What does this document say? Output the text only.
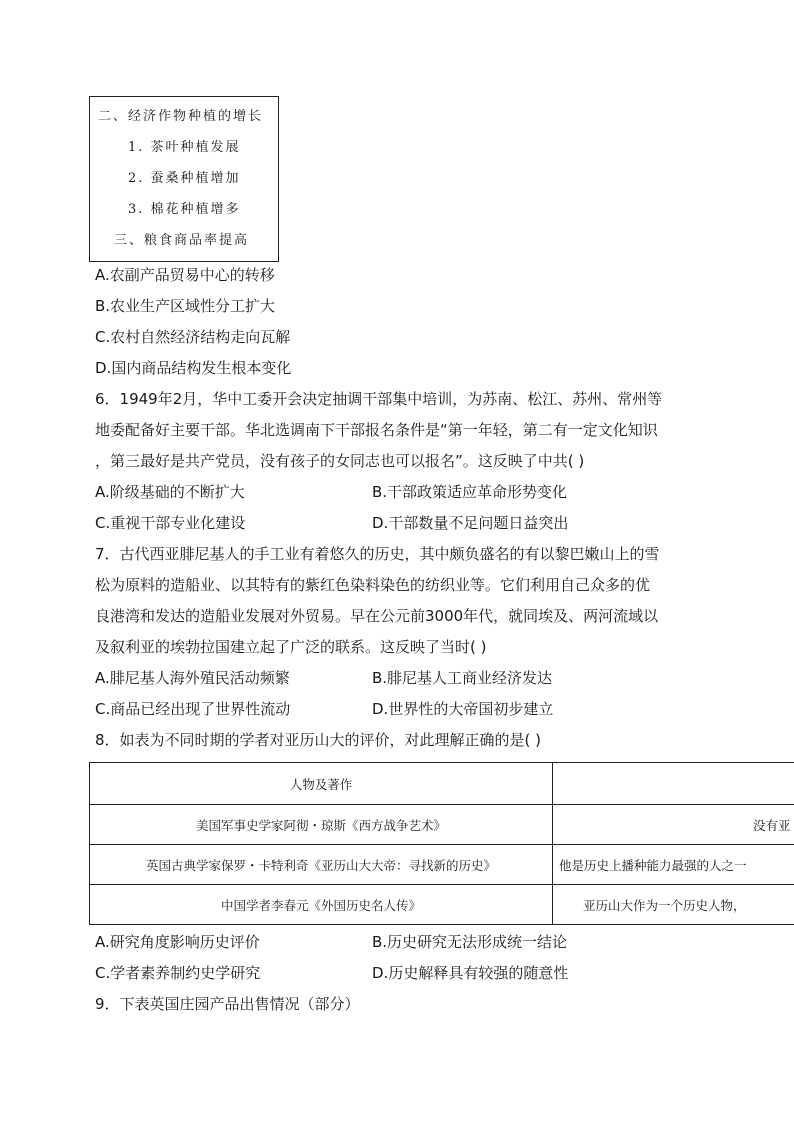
二、经济作物种植的增长
1. 茶叶种植发展
2. 蚕桑种植增加
3. 棉花种植增多
三、粮食商品率提高
A.农副产品贸易中心的转移
B.农业生产区域性分工扩大
C.农村自然经济结构走向瓦解
D.国内商品结构发生根本变化
6．1949年2月，华中工委开会决定抽调干部集中培训，为苏南、松江、苏州、常州等
地委配备好主要干部。华北选调南下干部报名条件是“第一年轻，第二有一定文化知识
，第三最好是共产党员，没有孩子的女同志也可以报名”。这反映了中共( )
A.阶级基础的不断扩大	B.干部政策适应革命形势变化
C.重视干部专业化建设	D.干部数量不足问题日益突出
7．古代西亚腓尼基人的手工业有着悠久的历史，其中颇负盛名的有以黎巴嫩山上的雪
松为原料的造船业、以其特有的紫红色染料染色的纺织业等。它们利用自己众多的优
良港湾和发达的造船业发展对外贸易。早在公元前3000年代，就同埃及、两河流域以
及叙利亚的埃勃拉国建立起了广泛的联系。这反映了当时( )
A.腓尼基人海外殖民活动频繁	B.腓尼基人工商业经济发达
C.商品已经出现了世界性流动	D.世界性的大帝国初步建立
8．如表为不同时期的学者对亚历山大的评价，对此理解正确的是( )
人物及著作	
美国军事史学家阿彻・琼斯《西方战争艺术》	没有亚
英国古典学家保罗・卡特利奇《亚历山大大帝：寻找新的历史》	他是历史上播种能力最强的人之一
中国学者李春元《外国历史名人传》	亚历山大作为一个历史人物，
A.研究角度影响历史评价	B.历史研究无法形成统一结论
C.学者素养制约史学研究	D.历史解释具有较强的随意性
9．下表英国庄园产品出售情况（部分）
